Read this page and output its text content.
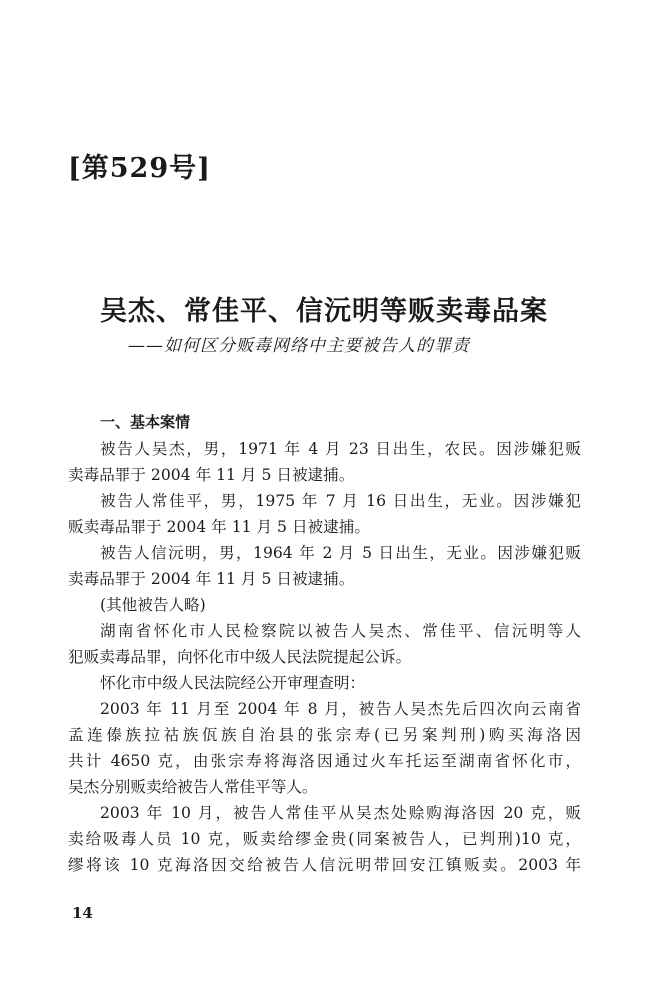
[第529号]
吴杰、常佳平、信沅明等贩卖毒品案
——如何区分贩毒网络中主要被告人的罪责
一、基本案情
被告人吴杰，男，1971 年 4 月 23 日出生，农民。因涉嫌犯贩
卖毒品罪于 2004 年 11 月 5 日被逮捕。
被告人常佳平，男，1975 年 7 月 16 日出生，无业。因涉嫌犯
贩卖毒品罪于 2004 年 11 月 5 日被逮捕。
被告人信沅明，男，1964 年 2 月 5 日出生，无业。因涉嫌犯贩
卖毒品罪于 2004 年 11 月 5 日被逮捕。
(其他被告人略)
湖南省怀化市人民检察院以被告人吴杰、常佳平、信沅明等人
犯贩卖毒品罪，向怀化市中级人民法院提起公诉。
怀化市中级人民法院经公开审理查明：
2003 年 11 月至 2004 年 8 月，被告人吴杰先后四次向云南省
孟连傣族拉祜族佤族自治县的张宗寿(已另案判刑)购买海洛因
共计 4650 克，由张宗寿将海洛因通过火车托运至湖南省怀化市，
吴杰分别贩卖给被告人常佳平等人。
2003 年 10 月，被告人常佳平从吴杰处赊购海洛因 20 克，贩
卖给吸毒人员 10 克，贩卖给缪金贵(同案被告人，已判刑)10 克，
缪将该 10 克海洛因交给被告人信沅明带回安江镇贩卖。2003 年
14
